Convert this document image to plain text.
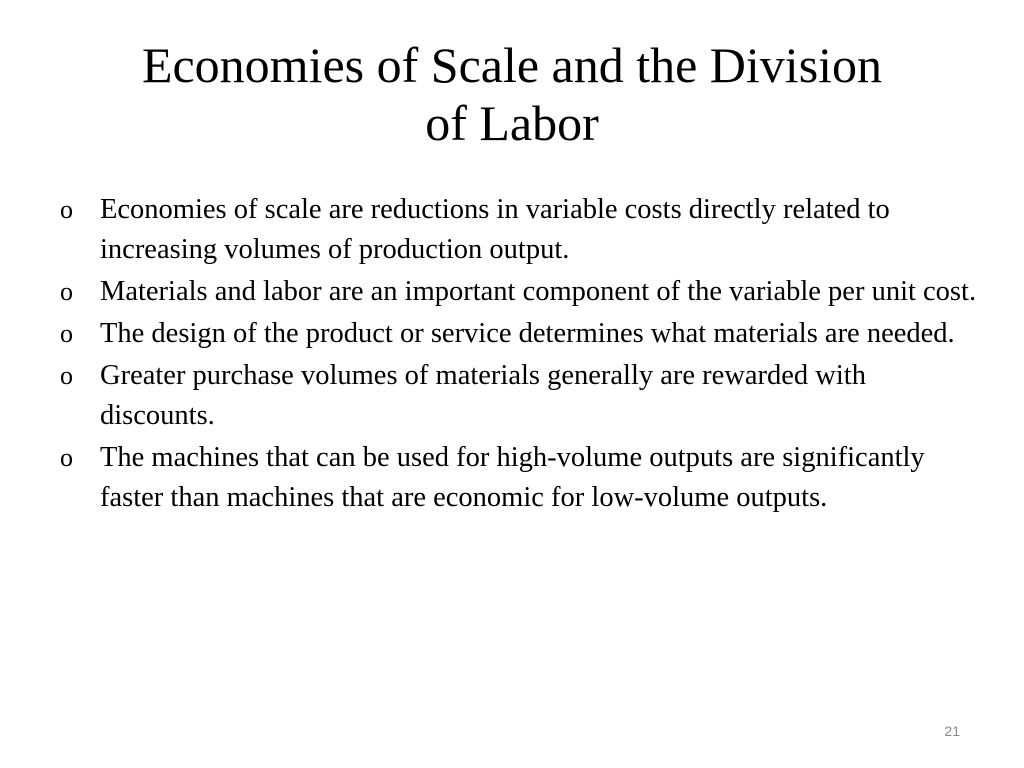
Economies of Scale and the Division
of Labor
o Economies of scale are reductions in variable costs directly related to increasing volumes of production output.
o Materials and labor are an important component of the variable per unit cost.
o The design of the product or service determines what materials are needed.
o Greater purchase volumes of materials generally are rewarded with discounts.
o The machines that can be used for high-volume outputs are significantly faster than machines that are economic for low-volume outputs.
21
